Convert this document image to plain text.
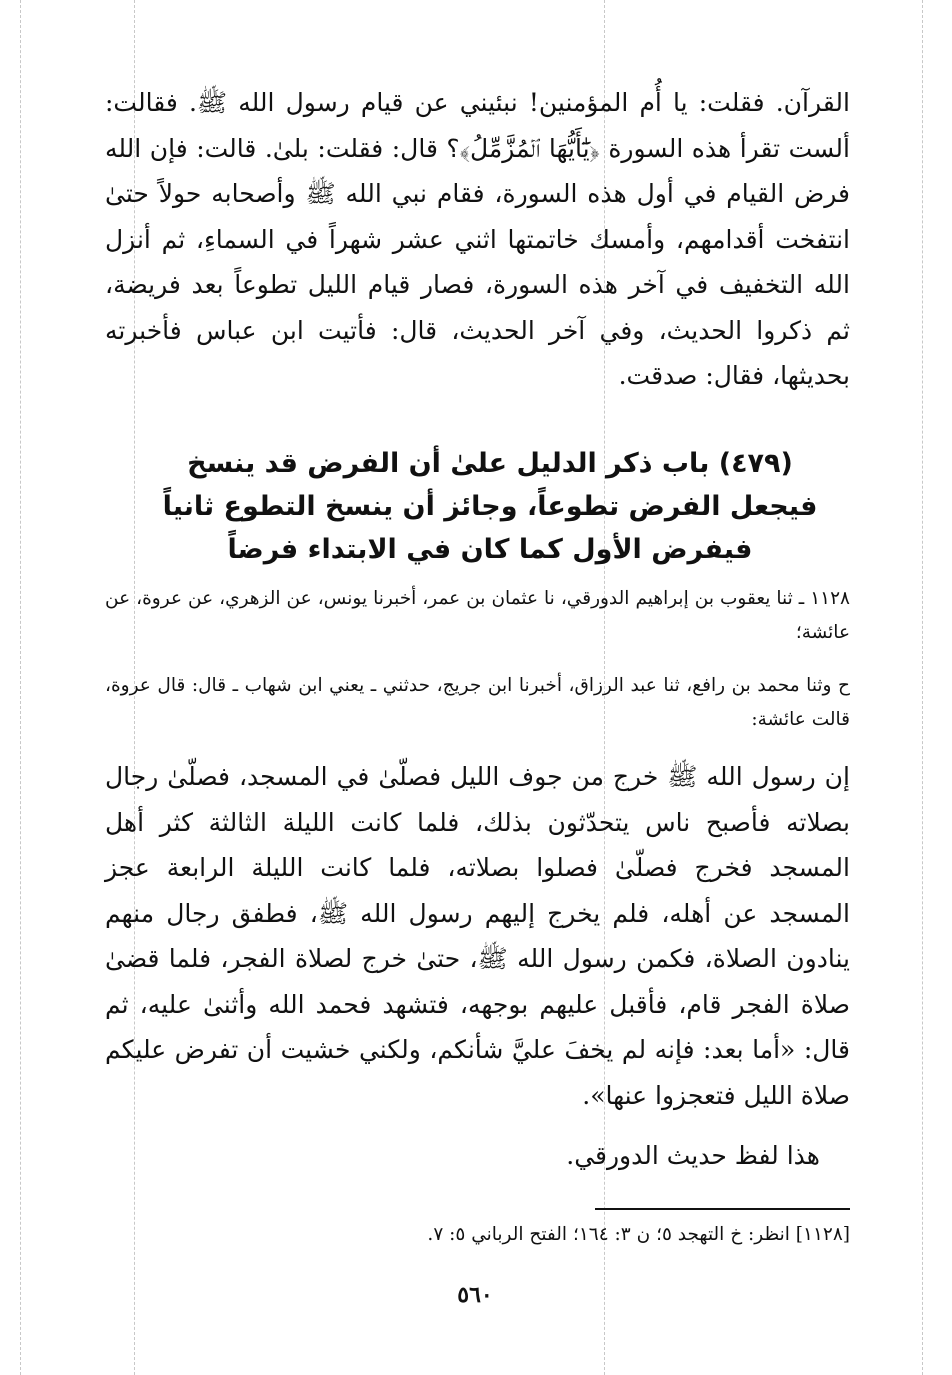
القرآن. فقلت: يا أُم المؤمنين! نبئيني عن قيام رسول الله ﷺ. فقالت: ألست تقرأ هذه السورة ﴿يَٰٓأَيُّهَا ٱلۡمُزَّمِّلُ﴾؟ قال: فقلت: بلىٰ. قالت: فإن الله فرض القيام في أول هذه السورة، فقام نبي الله ﷺ وأصحابه حولاً حتىٰ انتفخت أقدامهم، وأمسك خاتمتها اثني عشر شهراً في السماءِ، ثم أنزل الله التخفيف في آخر هذه السورة، فصار قيام الليل تطوعاً بعد فريضة، ثم ذكروا الحديث، وفي آخر الحديث، قال: فأتيت ابن عباس فأخبرته بحديثها، فقال: صدقت.
(٤٧٩) باب ذكر الدليل علىٰ أن الفرض قد ينسخ
فيجعل الفرض تطوعاً، وجائز أن ينسخ التطوع ثانياً
فيفرض الأول كما كان في الابتداء فرضاً
١١٢٨ ـ ثنا يعقوب بن إبراهيم الدورقي، نا عثمان بن عمر، أخبرنا يونس، عن الزهري، عن عروة، عن عائشة؛
ح وثنا محمد بن رافع، ثنا عبد الرزاق، أخبرنا ابن جريج، حدثني ـ يعني ابن شهاب ـ قال: قال عروة، قالت عائشة:
إن رسول الله ﷺ خرج من جوف الليل فصلّىٰ في المسجد، فصلّىٰ رجال بصلاته فأصبح ناس يتحدّثون بذلك، فلما كانت الليلة الثالثة كثر أهل المسجد فخرج فصلّىٰ فصلوا بصلاته، فلما كانت الليلة الرابعة عجز المسجد عن أهله، فلم يخرج إليهم رسول الله ﷺ، فطفق رجال منهم ينادون الصلاة، فكمن رسول الله ﷺ، حتىٰ خرج لصلاة الفجر، فلما قضىٰ صلاة الفجر قام، فأقبل عليهم بوجهه، فتشهد فحمد الله وأثنىٰ عليه، ثم قال: «أما بعد: فإنه لم يخفَ عليَّ شأنكم، ولكني خشيت أن تفرض عليكم صلاة الليل فتعجزوا عنها».
هذا لفظ حديث الدورقي.
[١١٢٨] انظر: خ التهجد ٥؛ ن ٣: ١٦٤؛ الفتح الرباني ٥: ٧.
٥٦٠
